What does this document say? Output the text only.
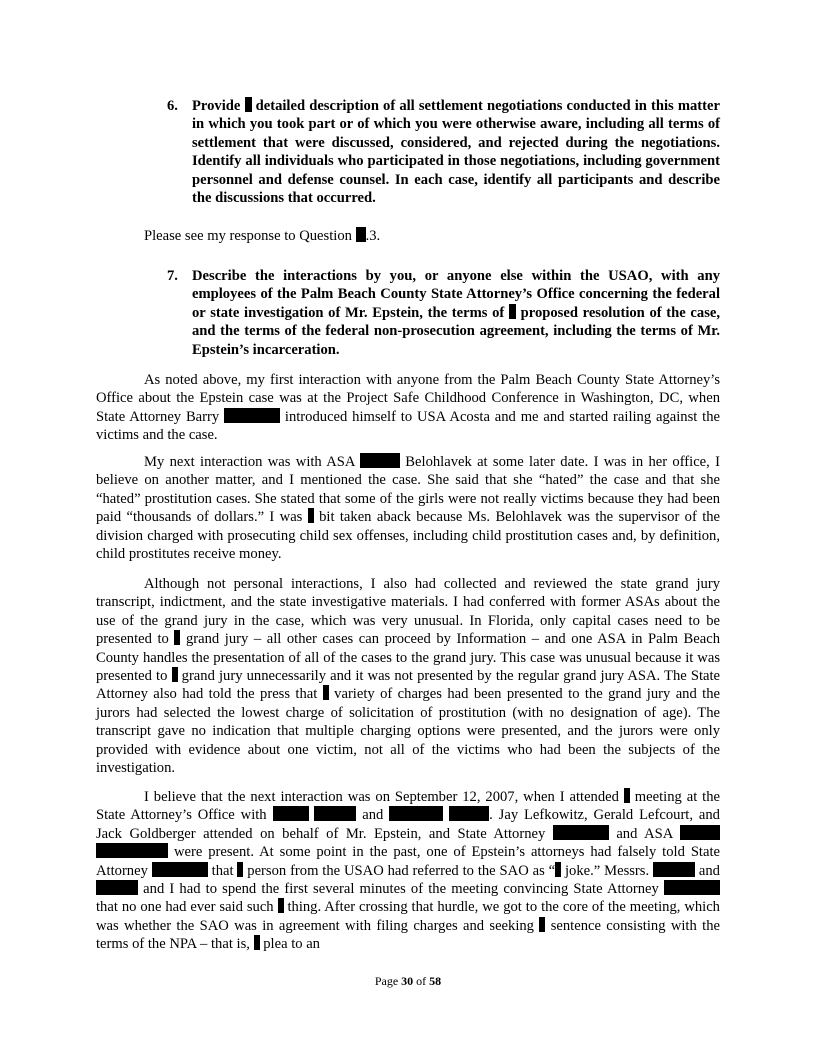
6. Provide detailed description of all settlement negotiations conducted in this matter in which you took part or of which you were otherwise aware, including all terms of settlement that were discussed, considered, and rejected during the negotiations. Identify all individuals who participated in those negotiations, including government personnel and defense counsel. In each case, identify all participants and describe the discussions that occurred.
Please see my response to Question .3.
7. Describe the interactions by you, or anyone else within the USAO, with any employees of the Palm Beach County State Attorney’s Office concerning the federal or state investigation of Mr. Epstein, the terms of proposed resolution of the case, and the terms of the federal non-prosecution agreement, including the terms of Mr. Epstein’s incarceration.
As noted above, my first interaction with anyone from the Palm Beach County State Attorney’s Office about the Epstein case was at the Project Safe Childhood Conference in Washington, DC, when State Attorney Barry	introduced himself to USA Acosta and me and started railing against the victims and the case.
My next interaction was with ASA	Belohlavek at some later date. I was in her office, I believe on another matter, and I mentioned the case. She said that she “hated” the case and that she “hated” prostitution cases. She stated that some of the girls were not really victims because they had been paid “thousands of dollars.” I was bit taken aback because Ms. Belohlavek was the supervisor of the division charged with prosecuting child sex offenses, including child prostitution cases and, by definition, child prostitutes receive money.
Although not personal interactions, I also had collected and reviewed the state grand jury transcript, indictment, and the state investigative materials. I had conferred with former ASAs about the use of the grand jury in the case, which was very unusual. In Florida, only capital cases need to be presented to grand jury – all other cases can proceed by Information – and one ASA in Palm Beach County handles the presentation of all of the cases to the grand jury. This case was unusual because it was presented to grand jury unnecessarily and it was not presented by the regular grand jury ASA. The State Attorney also had told the press that variety of charges had been presented to the grand jury and the jurors had selected the lowest charge of solicitation of prostitution (with no designation of age). The transcript gave no indication that multiple charging options were presented, and the jurors were only provided with evidence about one victim, not all of the victims who had been the subjects of the investigation.
I believe that the next interaction was on September 12, 2007, when I attended meeting at the State Attorney’s Office with	and	. Jay Lefkowitz, Gerald Lefcourt, and Jack Goldberger attended on behalf of Mr. Epstein, and State Attorney	and ASA   were present. At some point in the past, one of Epstein’s attorneys had falsely told State Attorney	that person from the USAO had referred to the SAO as “ joke.” Messrs.	and  and I had to spend the first several minutes of the meeting convincing State Attorney  that no one had ever said such thing. After crossing that hurdle, we got to the core of the meeting, which was whether the SAO was in agreement with filing charges and seeking sentence consisting with the terms of the NPA – that is, plea to an
Page 30 of 58
